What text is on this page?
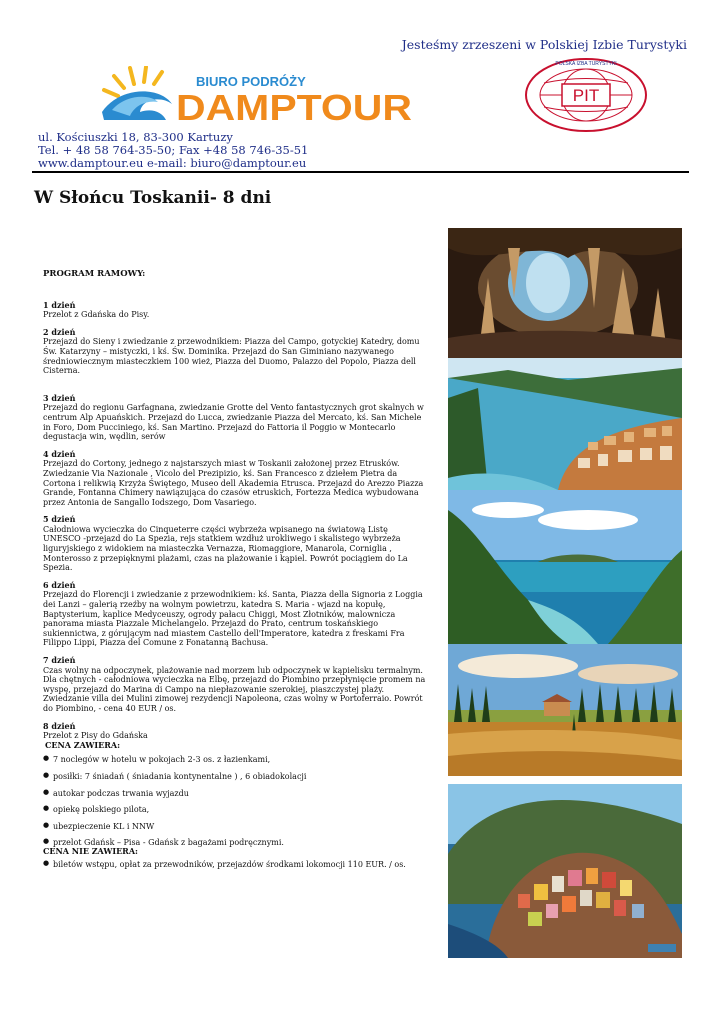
Jesteśmy zrzeszeni w Polskiej Izbie Turystyki
BIURO PODRÓŻY
DAMPTOUR	PIT
POLSKA IZBA TURYSTYKI
ul. Kościuszki 18, 83-300 Kartuzy
Tel. + 48 58 764-35-50; Fax +48 58 746-35-51
www.damptour.eu e-mail: biuro@damptour.eu
W Słońcu Toskanii- 8 dni
PROGRAM RAMOWY:
1 dzień
Przelot z Gdańska do Pisy.
2 dzień
Przejazd do Sieny i zwiedzanie z przewodnikiem: Piazza del Campo, gotyckiej Katedry, domu Św. Katarzyny – mistyczki, i kś. Św. Dominika. Przejazd do San Giminiano nazywanego średniowiecznym miasteczkiem 100 wież, Piazza del Duomo, Palazzo del Popolo, Piazza dell Cisterna.
3 dzień
Przejazd do regionu Garfagnana, zwiedzanie Grotte del Vento fantastycznych grot skalnych w centrum Alp Apuańskich. Przejazd do Lucca, zwiedzanie Piazza del Mercato, kś. San Michele in Foro, Dom Pucciniego, kś. San Martino. Przejazd do Fattoria il Poggio w Montecarlo degustacja win, wędlin, serów
4 dzień
Przejazd do Cortony, jednego z najstarszych miast w Toskanii założonej przez Etrusków. Zwiedzanie Via Nazionale , Vicolo del Prezipizio, kś. San Francesco z dziełem Pietra da Cortona i relikwią Krzyża Świętego, Museo dell Akademia Etrusca. Przejazd do Arezzo Piazza Grande, Fontanna Chimery nawiązująca do czasów etruskich, Fortezza Medica wybudowana przez Antonia de Sangallo Iodszego, Dom Vasariego.
5 dzień
Całodniowa wycieczka do Cinqueterre części wybrzeża wpisanego na światową Listę UNESCO -przejazd do La Spezia, rejs statkiem wzdłuż urokliwego i skalistego wybrzeża liguryjskiego z widokiem na miasteczka Vernazza, Riomaggiore, Manarola, Corniglia , Monterosso z przepięknymi plażami, czas na plażowanie i kąpiel. Powrót pociągiem do La Spezia.
6 dzień
Przejazd do Florencji i zwiedzanie z przewodnikiem: kś. Santa, Piazza della Signoria z Loggia dei Lanzi – galerią rzeźby na wolnym powietrzu, katedra S. Maria - wjazd na kopułę, Baptysterium, kaplice Medyceuszy, ogrody pałacu Chiggi, Most Złotników, malownicza panorama miasta Piazzale Michelangelo. Przejazd do Prato, centrum toskańskiego sukiennictwa, z górującym nad miastem Castello dell'Imperatore, katedra z freskami Fra Filippo Lippi, Piazza del Comune z Fonatanną Bachusa.
7 dzień
Czas wolny na odpoczynek, plażowanie nad morzem lub odpoczynek w kąpielisku termalnym. Dla chętnych - całodniowa wycieczka na Elbę, przejazd do Piombino przepłynięcie promem na wyspę, przejazd do Marina di Campo na niepłazowanie szerokiej, piaszczystej plaży. Zwiedzanie villa dei Mulini zimowej rezydencji Napoleona, czas wolny w Portoferraio. Powrót do Piombino, - cena 40 EUR / os.
8 dzień
Przelot z Pisy do Gdańska
CENA ZAWIERA:
● 7 noclegów w hotelu w pokojach 2-3 os. z łazienkami,
● posiłki: 7 śniadań ( śniadania kontynentalne ) , 6 obiadokolacji
● autokar podczas trwania wyjazdu
● opiekę polskiego pilota,
● ubezpieczenie KL i NNW
● przelot Gdańsk – Pisa - Gdańsk z bagażami podręcznymi.
CENA NIE ZAWIERA:
● biletów wstępu, opłat za przewodników, przejazdów środkami lokomocji 110 EUR. / os.
